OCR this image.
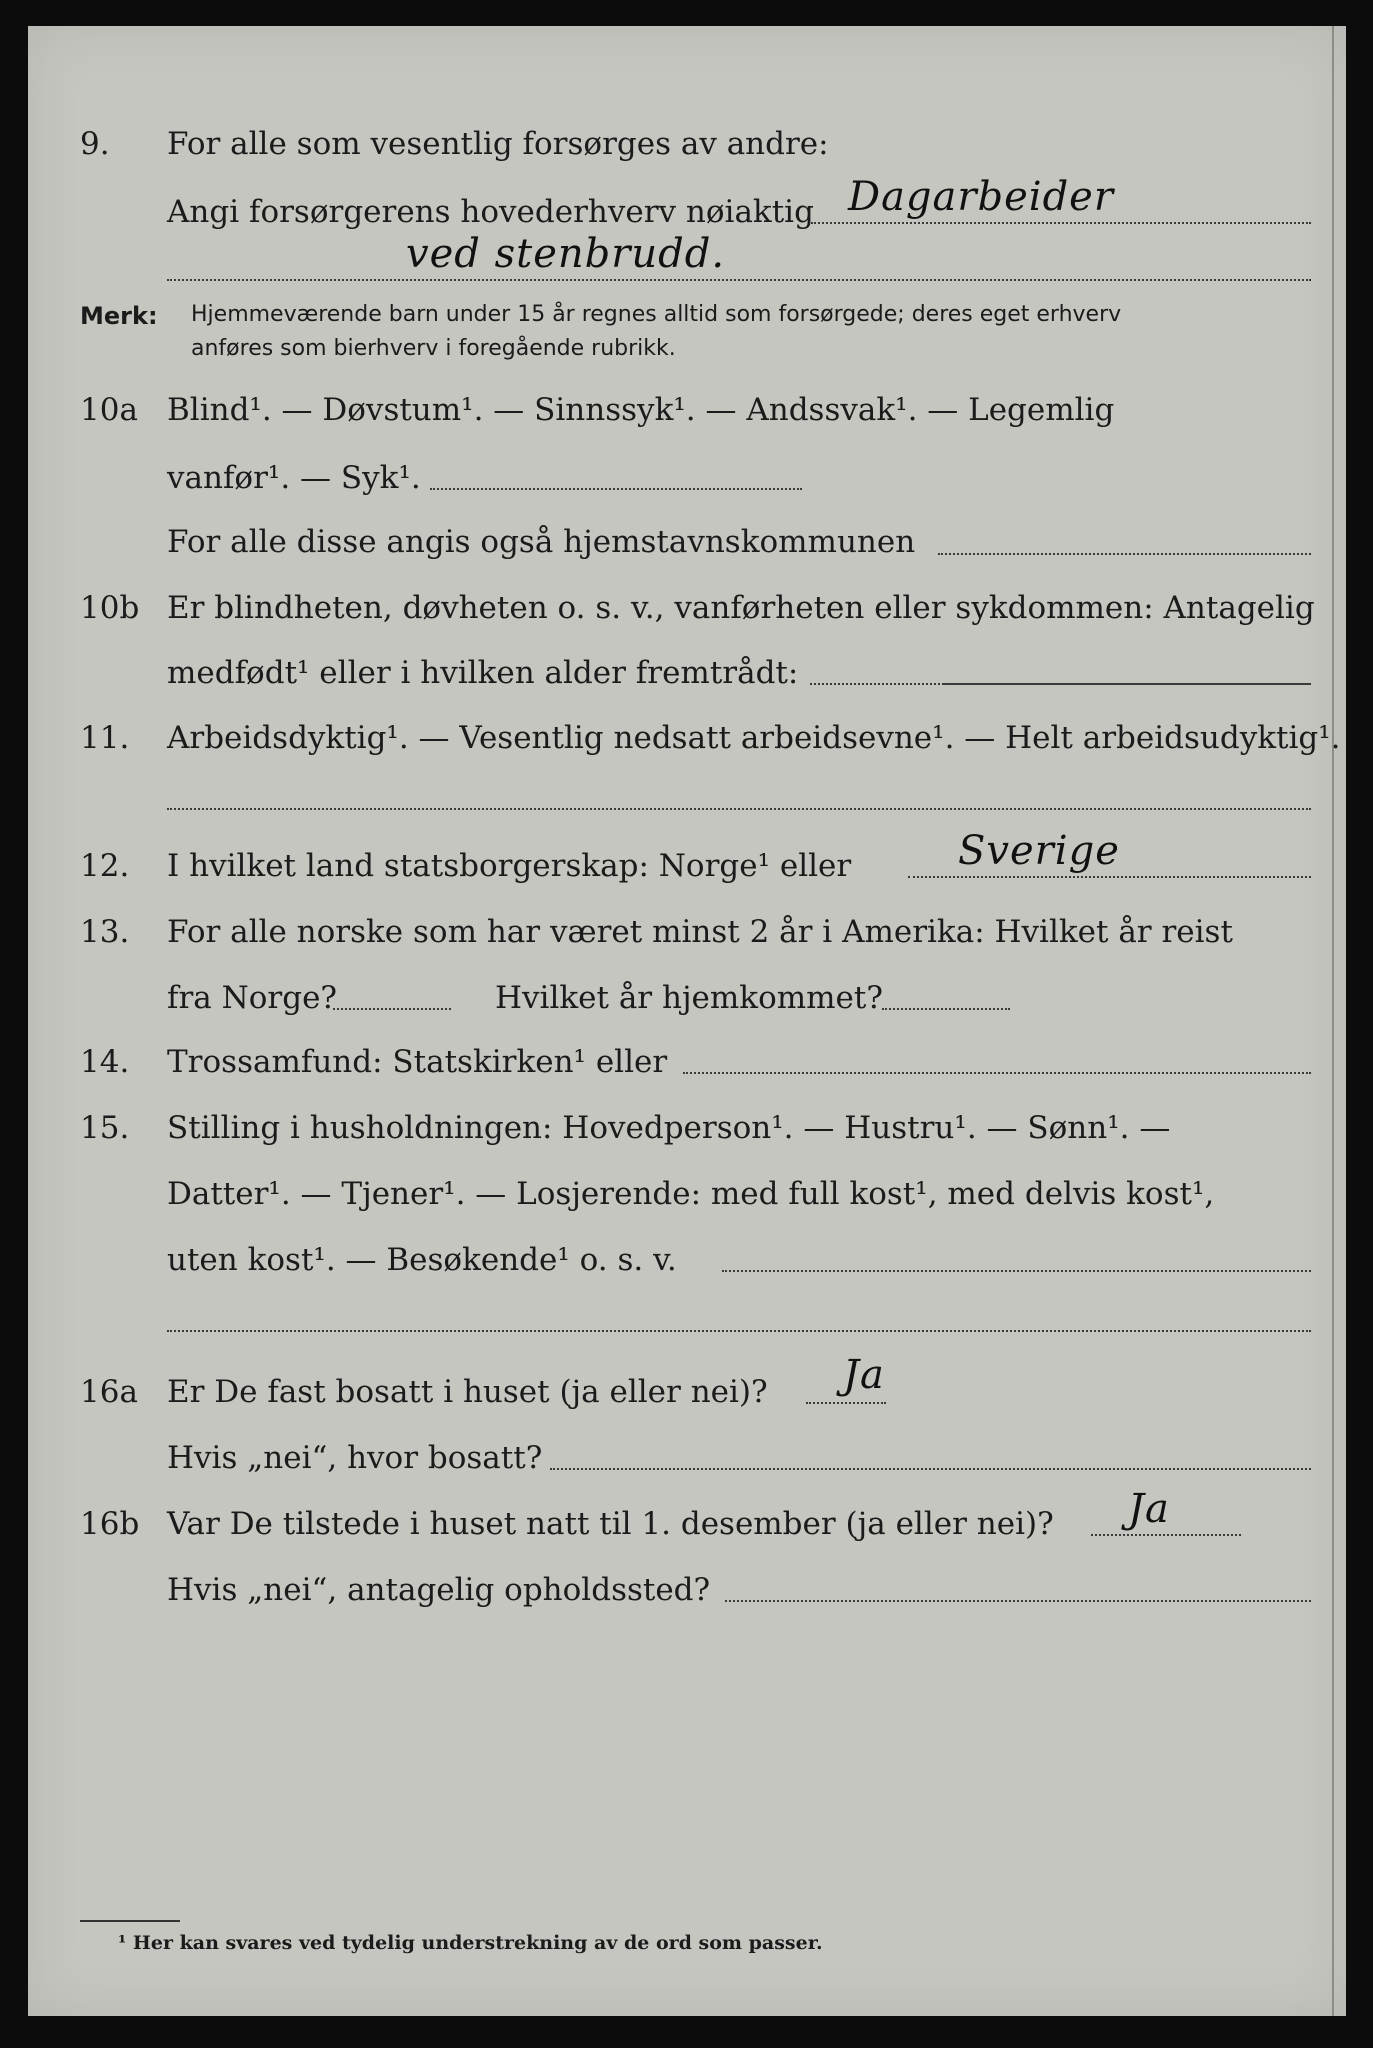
9. For alle som vesentlig forsørges av andre:
Angi forsørgerens hovederhverv nøiaktig Dagarbeider
ved stenbrudd.
Merk: Hjemmeværende barn under 15 år regnes alltid som forsørgede; deres eget erhverv
anføres som bierhverv i foregående rubrikk.
10a Blind¹. — Døvstum¹. — Sinnssyk¹. — Andssvak¹. — Legemlig
vanfør¹. — Syk¹.
For alle disse angis også hjemstavnskommunen
10b Er blindheten, døvheten o. s. v., vanførheten eller sykdommen: Antagelig
medfødt¹ eller i hvilken alder fremtrådt:
11. Arbeidsdyktig¹. — Vesentlig nedsatt arbeidsevne¹. — Helt arbeidsudyktig¹.
12. I hvilket land statsborgerskap: Norge¹ eller	Sverige
13. For alle norske som har været minst 2 år i Amerika: Hvilket år reist
fra Norge?	Hvilket år hjemkommet?
14. Trossamfund: Statskirken¹ eller
15. Stilling i husholdningen: Hovedperson¹. — Hustru¹. — Sønn¹. —
Datter¹. — Tjener¹. — Losjerende: med full kost¹, med delvis kost¹,
uten kost¹. — Besøkende¹ o. s. v.
16a Er De fast bosatt i huset (ja eller nei)? Ja
Hvis „nei“, hvor bosatt?
16b Var De tilstede i huset natt til 1. desember (ja eller nei)? Ja
Hvis „nei“, antagelig opholdssted?
¹ Her kan svares ved tydelig understrekning av de ord som passer.
